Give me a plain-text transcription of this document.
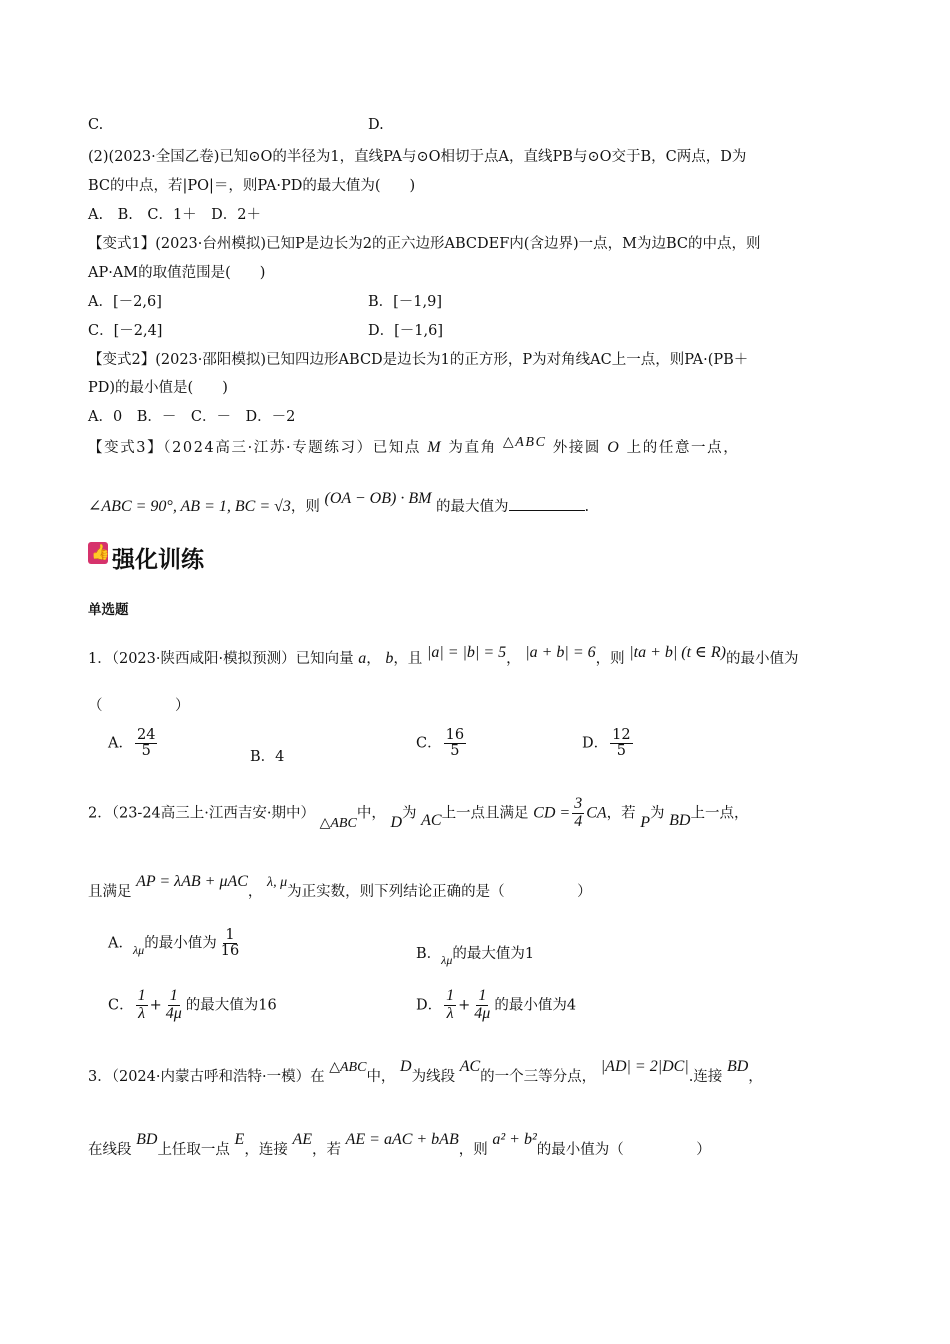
C.	D.
(2)(2023·全国乙卷)已知⊙O的半径为1，直线PA与⊙O相切于点A，直线PB与⊙O交于B，C两点，D为
BC的中点，若|PO|＝，则PA·PD的最大值为(　　)
A.　B.　C．1＋　D．2＋
【变式1】(2023·台州模拟)已知P是边长为2的正六边形ABCDEF内(含边界)一点，M为边BC的中点，则
AP·AM的取值范围是(　　)
A．[－2,6]	B．[－1,9]
C．[－2,4]	D．[－1,6]
【变式2】(2023·邵阳模拟)已知四边形ABCD是边长为1的正方形，P为对角线AC上一点，则PA·(PB＋
PD)的最小值是(　　)
A．0　B．－　C．－　D．－2
【变式3】（2024高三·江苏·专题练习）已知点 M 为直角 △ABC 外接圆 O 上的任意一点，
∠ABC = 90°, AB = 1, BC = √3，则 (OA − OB) · BM 的最大值为	.
👍 强化训练
单选题
1．（2023·陕西咸阳·模拟预测）已知向量 a， b，且 |a| = |b| = 5， |a + b| = 6，则 |ta + b| (t ∈ R)的最小值为
（　　　　　）
A． $\frac{24}{5}$	B．4
C． $\frac{16}{5}$	D． $\frac{12}{5}$
2．（23-24高三上·江西吉安·期中） △ABC中， D为 AC上一点且满足 CD = $\frac{3}{4}$ CA，若 P为 BD上一点，
且满足 AP = λAB + μAC， λ, μ为正实数，则下列结论正确的是（　　　　　）
A．$_{\lambda\mu}$的最小值为 $\frac{1}{16}$	B．$_{\lambda\mu}$的最大值为1
C． $\frac{1}{\lambda} + \frac{1}{4\mu}$ 的最大值为16	D． $\frac{1}{\lambda} + \frac{1}{4\mu}$ 的最小值为4
3．（2024·内蒙古呼和浩特·一模）在 △ABC中， D为线段 AC的一个三等分点， |AD| = 2|DC|.连接 BD，
在线段 BD上任取一点 E，连接 AE，若 AE = aAC + bAB，则 a² + b²的最小值为（　　　　　）
